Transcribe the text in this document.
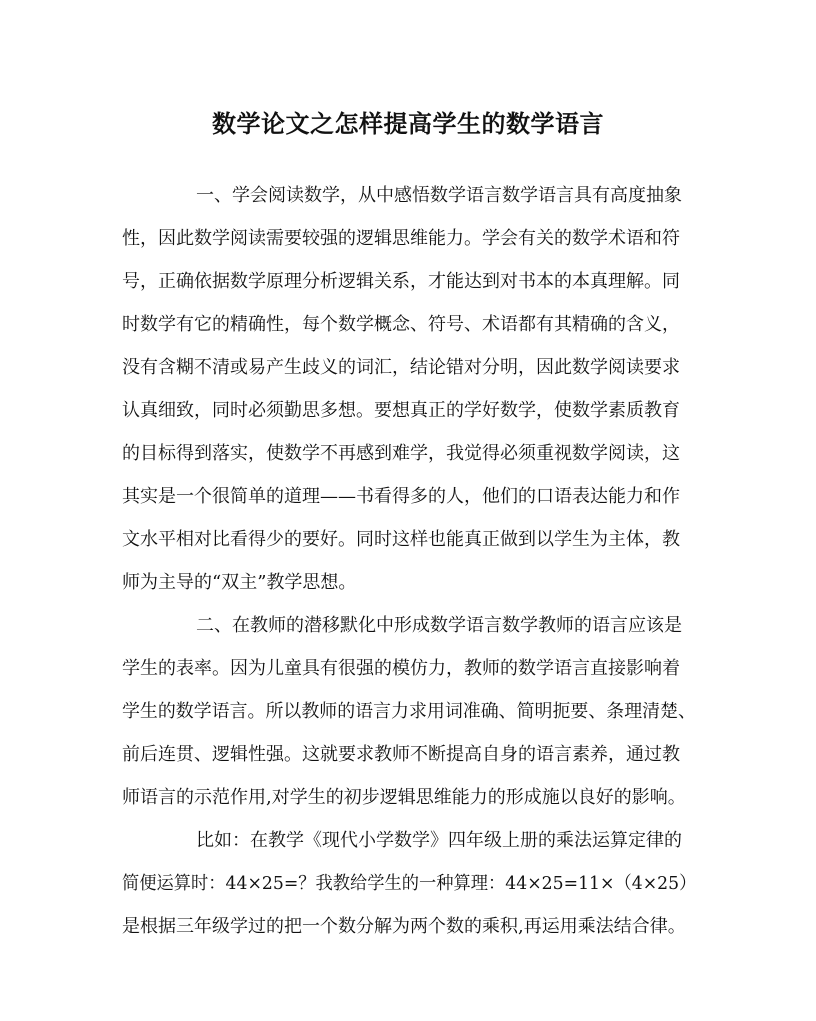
数学论文之怎样提高学生的数学语言
一、学会阅读数学，从中感悟数学语言数学语言具有高度抽象
性，因此数学阅读需要较强的逻辑思维能力。学会有关的数学术语和符
号，正确依据数学原理分析逻辑关系，才能达到对书本的本真理解。同
时数学有它的精确性，每个数学概念、符号、术语都有其精确的含义，
没有含糊不清或易产生歧义的词汇，结论错对分明，因此数学阅读要求
认真细致，同时必须勤思多想。要想真正的学好数学，使数学素质教育
的目标得到落实，使数学不再感到难学，我觉得必须重视数学阅读，这
其实是一个很简单的道理——书看得多的人，他们的口语表达能力和作
文水平相对比看得少的要好。同时这样也能真正做到以学生为主体，教
师为主导的“双主”教学思想。
二、在教师的潜移默化中形成数学语言数学教师的语言应该是
学生的表率。因为儿童具有很强的模仿力，教师的数学语言直接影响着
学生的数学语言。所以教师的语言力求用词准确、简明扼要、条理清楚、
前后连贯、逻辑性强。这就要求教师不断提高自身的语言素养，通过教
师语言的示范作用,对学生的初步逻辑思维能力的形成施以良好的影响。
比如：在教学《现代小学数学》四年级上册的乘法运算定律的
简便运算时：44×25=？我教给学生的一种算理：44×25=11×（4×25）
是根据三年级学过的把一个数分解为两个数的乘积,再运用乘法结合律。
